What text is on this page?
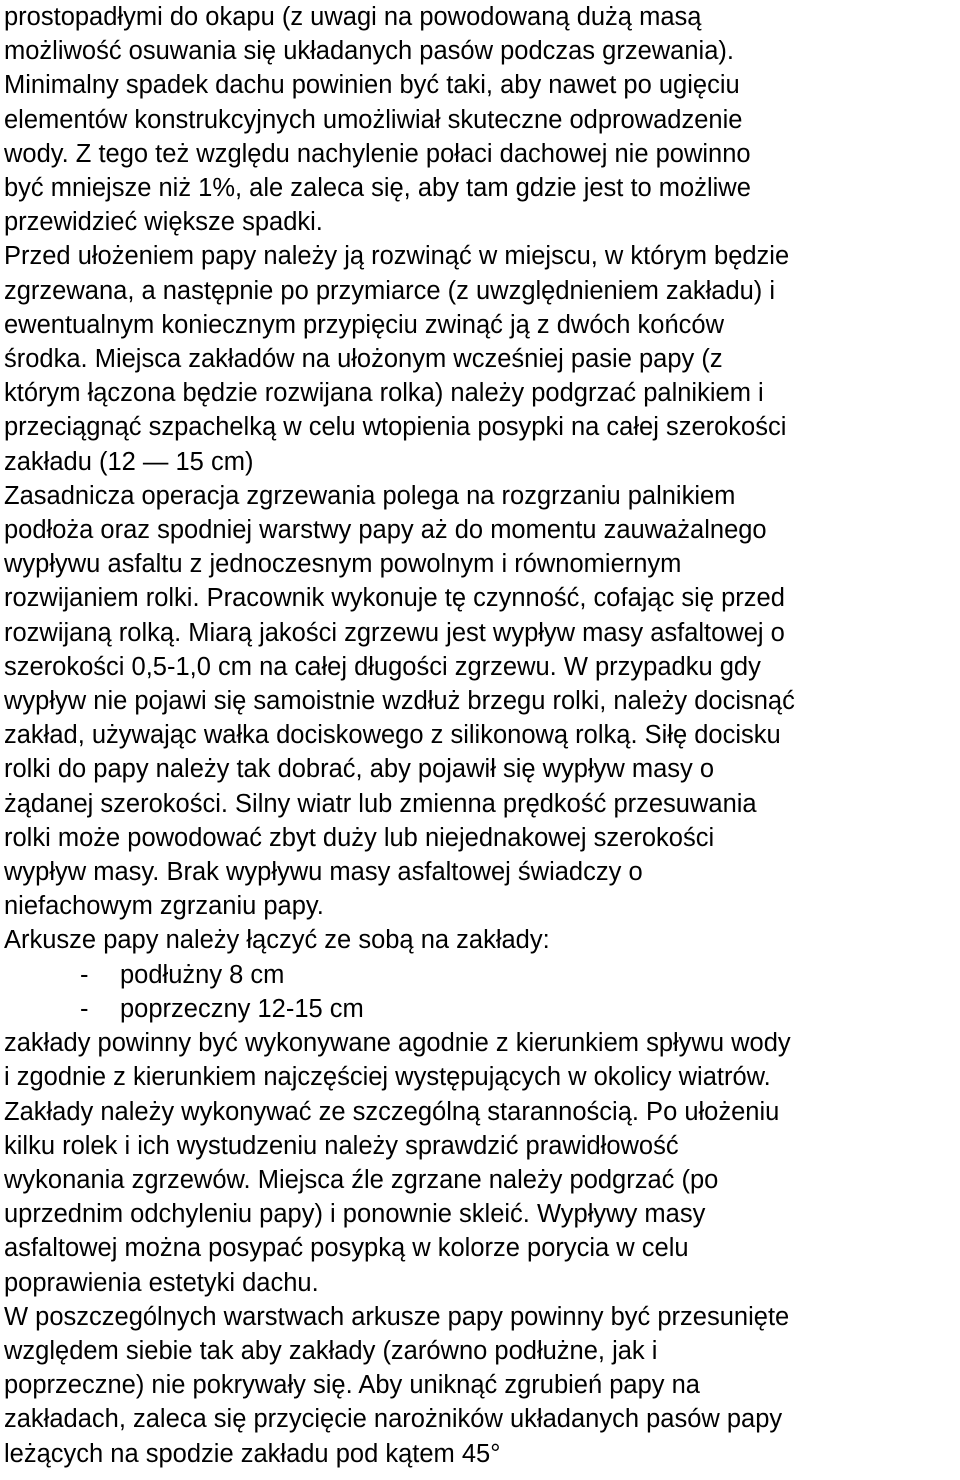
prostopadłymi do okapu (z uwagi na powodowaną dużą masą
możliwość osuwania się układanych pasów podczas grzewania).
Minimalny spadek dachu powinien być taki, aby nawet po ugięciu
elementów konstrukcyjnych umożliwiał skuteczne odprowadzenie
wody. Z tego też względu nachylenie połaci dachowej nie powinno
być mniejsze niż 1%, ale zaleca się, aby tam gdzie jest to możliwe
przewidzieć większe spadki.

Przed ułożeniem papy należy ją rozwinąć w miejscu, w którym będzie
zgrzewana, a następnie po przymiarce (z uwzględnieniem zakładu) i
ewentualnym koniecznym przypięciu zwinąć ją z dwóch końców
środka. Miejsca zakładów na ułożonym wcześniej pasie papy (z
którym łączona będzie rozwijana rolka) należy podgrzać palnikiem i
przeciągnąć szpachelką w celu wtopienia posypki na całej szerokości
zakładu (12 — 15 cm)

Zasadnicza operacja zgrzewania polega na rozgrzaniu palnikiem
podłoża oraz spodniej warstwy papy aż do momentu zauważalnego
wypływu asfaltu z jednoczesnym powolnym i równomiernym
rozwijaniem rolki. Pracownik wykonuje tę czynność, cofając się przed
rozwijaną rolką. Miarą jakości zgrzewu jest wypływ masy asfaltowej o
szerokości 0,5-1,0 cm na całej długości zgrzewu. W przypadku gdy
wypływ nie pojawi się samoistnie wzdłuż brzegu rolki, należy docisnąć
zakład, używając wałka dociskowego z silikonową rolką. Siłę docisku
rolki do papy należy tak dobrać, aby pojawił się wypływ masy o
żądanej szerokości. Silny wiatr lub zmienna prędkość przesuwania
rolki może powodować zbyt duży lub niejednakowej szerokości
wypływ masy. Brak wypływu masy asfaltowej świadczy o
niefachowym zgrzaniu papy.

Arkusze papy należy łączyć ze sobą na zakłady:
- podłużny 8 cm
- poprzeczny 12-15 cm
zakłady powinny być wykonywane agodnie z kierunkiem spływu wody
i zgodnie z kierunkiem najczęściej występujących w okolicy wiatrów.
Zakłady należy wykonywać ze szczególną starannością. Po ułożeniu
kilku rolek i ich wystudzeniu należy sprawdzić prawidłowość
wykonania zgrzewów. Miejsca źle zgrzane należy podgrzać (po
uprzednim odchyleniu papy) i ponownie skleić. Wypływy masy
asfaltowej można posypać posypką w kolorze porycia w celu
poprawienia estetyki dachu.

W poszczególnych warstwach arkusze papy powinny być przesunięte
względem siebie tak aby zakłady (zarówno podłużne, jak i
poprzeczne) nie pokrywały się. Aby uniknąć zgrubień papy na
zakładach, zaleca się przycięcie narożników układanych pasów papy
leżących na spodzie zakładu pod kątem 45°
